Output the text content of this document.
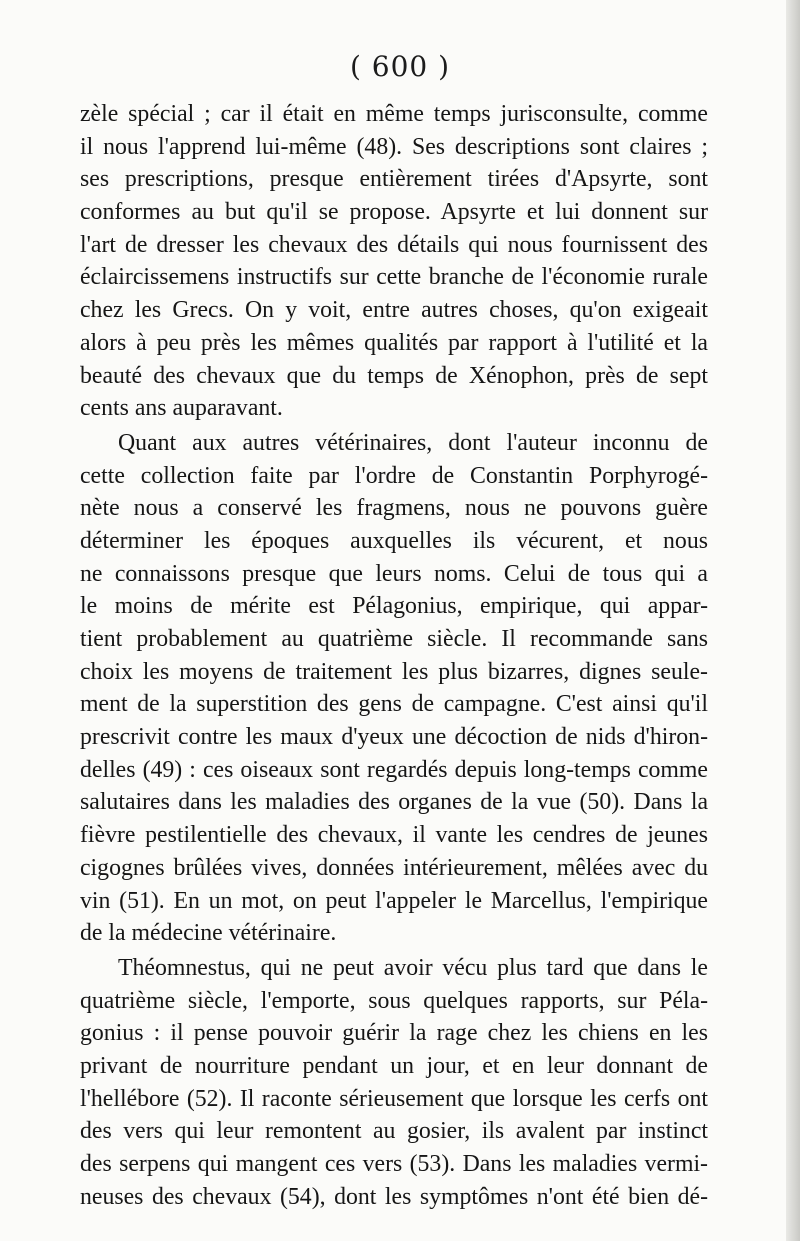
( 600 )
zèle spécial ; car il était en même temps jurisconsulte, comme
il nous l'apprend lui-même (48). Ses descriptions sont claires ;
ses prescriptions, presque entièrement tirées d'Apsyrte, sont
conformes au but qu'il se propose. Apsyrte et lui donnent sur
l'art de dresser les chevaux des détails qui nous fournissent des
éclaircissemens instructifs sur cette branche de l'économie rurale
chez les Grecs. On y voit, entre autres choses, qu'on exigeait
alors à peu près les mêmes qualités par rapport à l'utilité et la
beauté des chevaux que du temps de Xénophon, près de sept
cents ans auparavant.
Quant aux autres vétérinaires, dont l'auteur inconnu de
cette collection faite par l'ordre de Constantin Porphyrogé-
nète nous a conservé les fragmens, nous ne pouvons guère
déterminer les époques auxquelles ils vécurent, et nous
ne connaissons presque que leurs noms. Celui de tous qui a
le moins de mérite est Pélagonius, empirique, qui appar-
tient probablement au quatrième siècle. Il recommande sans
choix les moyens de traitement les plus bizarres, dignes seule-
ment de la superstition des gens de campagne. C'est ainsi qu'il
prescrivit contre les maux d'yeux une décoction de nids d'hiron-
delles (49) : ces oiseaux sont regardés depuis long-temps comme
salutaires dans les maladies des organes de la vue (50). Dans la
fièvre pestilentielle des chevaux, il vante les cendres de jeunes
cigognes brûlées vives, données intérieurement, mêlées avec du
vin (51). En un mot, on peut l'appeler le Marcellus, l'empirique
de la médecine vétérinaire.
Théomnestus, qui ne peut avoir vécu plus tard que dans le
quatrième siècle, l'emporte, sous quelques rapports, sur Péla-
gonius : il pense pouvoir guérir la rage chez les chiens en les
privant de nourriture pendant un jour, et en leur donnant de
l'hellébore (52). Il raconte sérieusement que lorsque les cerfs ont
des vers qui leur remontent au gosier, ils avalent par instinct
des serpens qui mangent ces vers (53). Dans les maladies vermi-
neuses des chevaux (54), dont les symptômes n'ont été bien dé-
